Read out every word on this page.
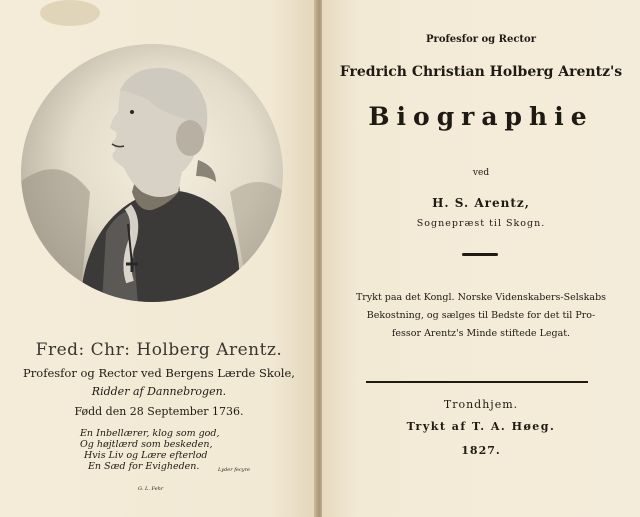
Fred: Chr: Holberg Arentz.
Profesfor og Rector ved Bergens Lærde Skole,
Ridder af Dannebrogen.
Fødd den 28 September 1736.
En Inbellærer, klog som god,
Og højtlærd som beskeden,
Hvis Liv og Lære efterlod
En Sæd for Evigheden.	Lyder fecyre
G. L. Fehr
Profesfor og Rector
Fredrich Christian Holberg Arentz's
Biographie
ved
H. S. Arentz,
Sognepræst til Skogn.
Trykt paa det Kongl. Norske Videnskabers-Selskabs
Bekostning, og sælges til Bedste for det til Pro-
fessor Arentz's Minde stiftede Legat.
Trondhjem.
Trykt af T. A. Høeg.
1827.
